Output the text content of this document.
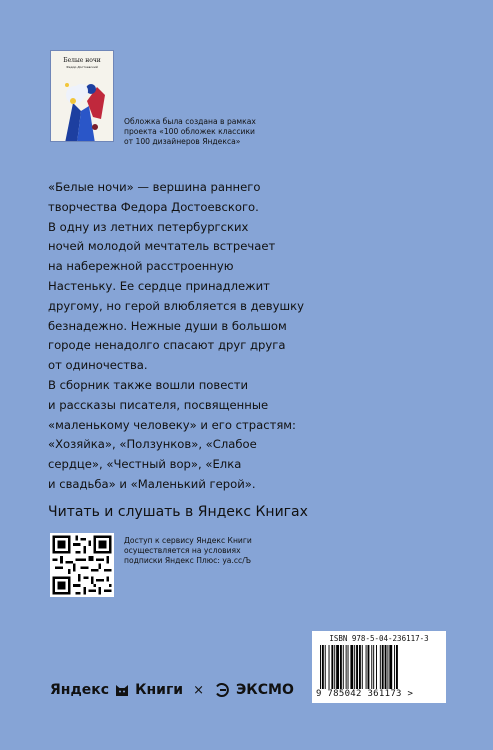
Белые ночи
Федор Достоевский
Обложка была создана в рамках
проекта «100 обложек классики
от 100 дизайнеров Яндекса»

«Белые ночи» — вершина раннего

творчества Федора Достоевского.

В одну из летних петербургских

ночей молодой мечтатель встречает

на набережной расстроенную

Настеньку. Ее сердце принадлежит

другому, но герой влюбляется в девушку

безнадежно. Нежные души в большом

городе ненадолго спасают друг друга

от одиночества.

В сборник также вошли повести

и рассказы писателя, посвященные

«маленькому человеку» и его страстям:

«Хозяйка», «Ползунков», «Слабое

сердце», «Честный вор», «Елка

и свадьба» и «Маленький герой».

Читать и слушать в Яндекс Книгах
Доступ к сервису Яндекс Книги
осуществляется на условиях
подписки Яндекс Плюс: ya.cc/Ъ
Яндекс Книги × ЭКСМО
ISBN 978-5-04-236117-3
9 785042 361173 >
